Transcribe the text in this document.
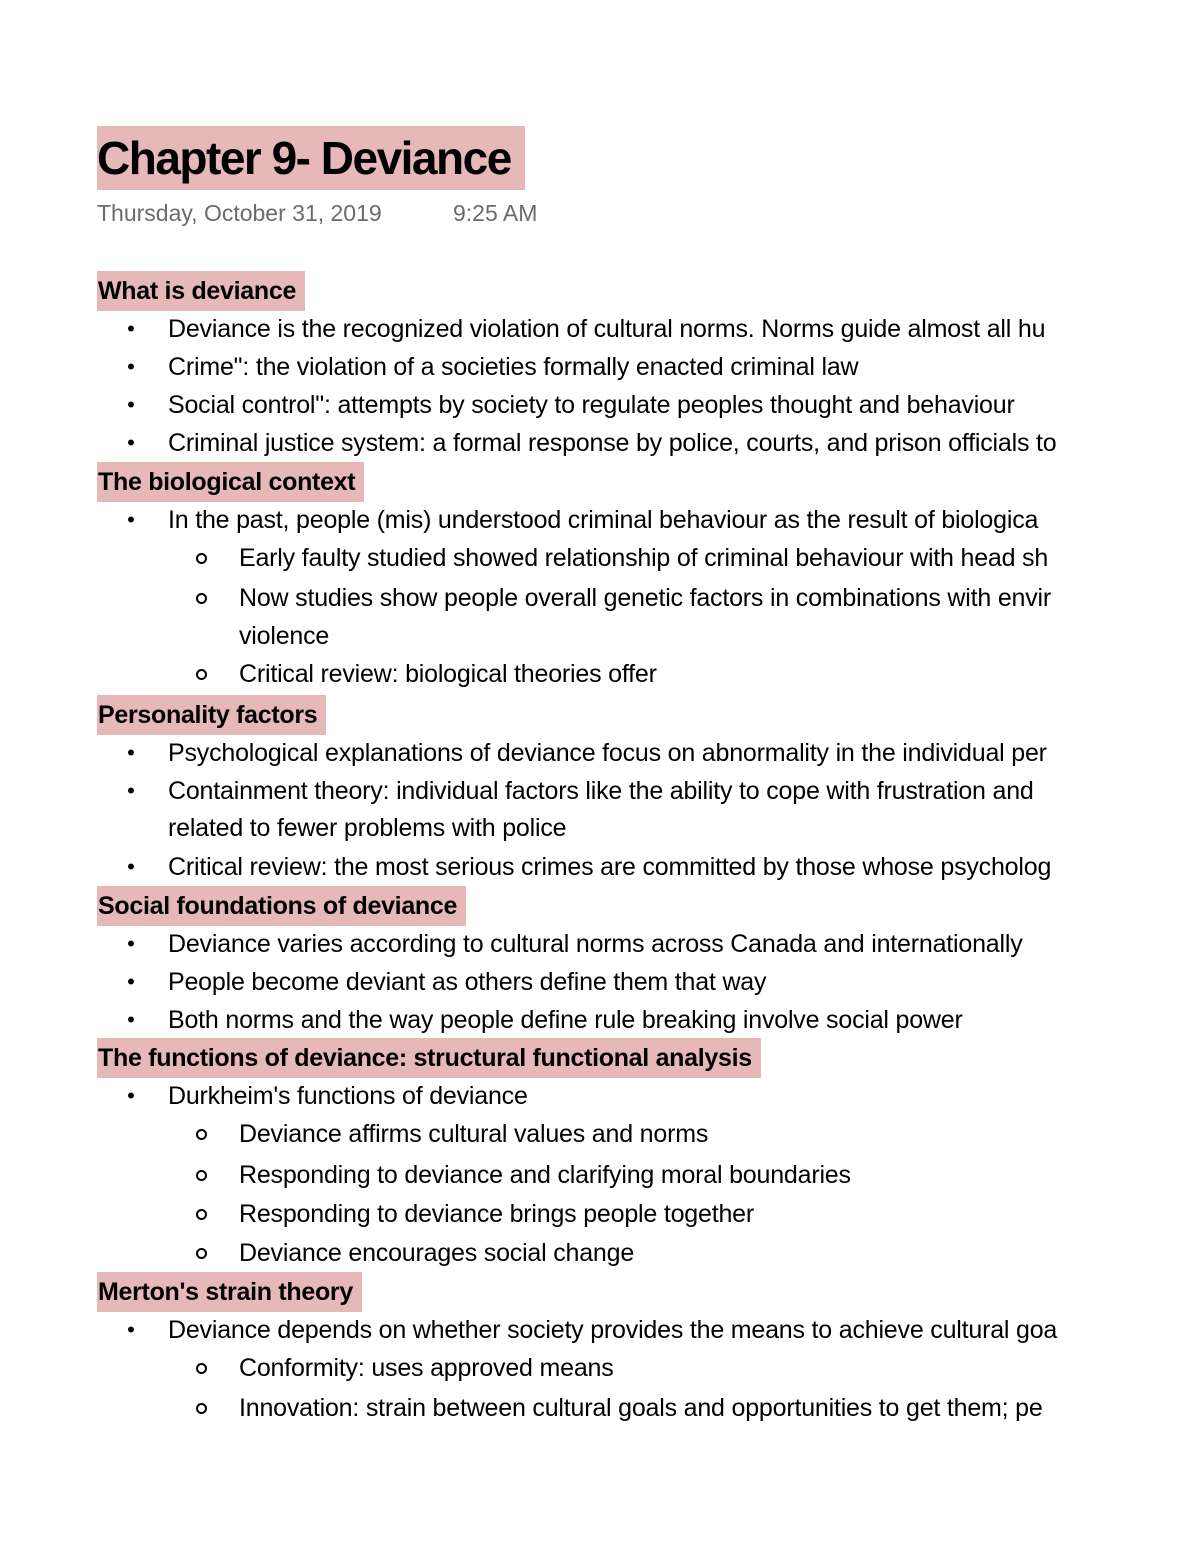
Chapter 9- Deviance
Thursday, October 31, 2019	9:25 AM
What is deviance
• Deviance is the recognized violation of cultural norms. Norms guide almost all hu
• Crime": the violation of a societies formally enacted criminal law
• Social control": attempts by society to regulate peoples thought and behaviour
• Criminal justice system: a formal response by police, courts, and prison officials to
The biological context
• In the past, people (mis) understood criminal behaviour as the result of biologica
Early faulty studied showed relationship of criminal behaviour with head sh
Now studies show people overall genetic factors in combinations with envir
violence
Critical review: biological theories offer
Personality factors
• Psychological explanations of deviance focus on abnormality in the individual per
• Containment theory: individual factors like the ability to cope with frustration and
related to fewer problems with police
• Critical review: the most serious crimes are committed by those whose psycholog
Social foundations of deviance
• Deviance varies according to cultural norms across Canada and internationally
• People become deviant as others define them that way
• Both norms and the way people define rule breaking involve social power
The functions of deviance: structural functional analysis
• Durkheim's functions of deviance
Deviance affirms cultural values and norms
Responding to deviance and clarifying moral boundaries
Responding to deviance brings people together
Deviance encourages social change
Merton's strain theory
• Deviance depends on whether society provides the means to achieve cultural goa
Conformity: uses approved means
Innovation: strain between cultural goals and opportunities to get them; pe
